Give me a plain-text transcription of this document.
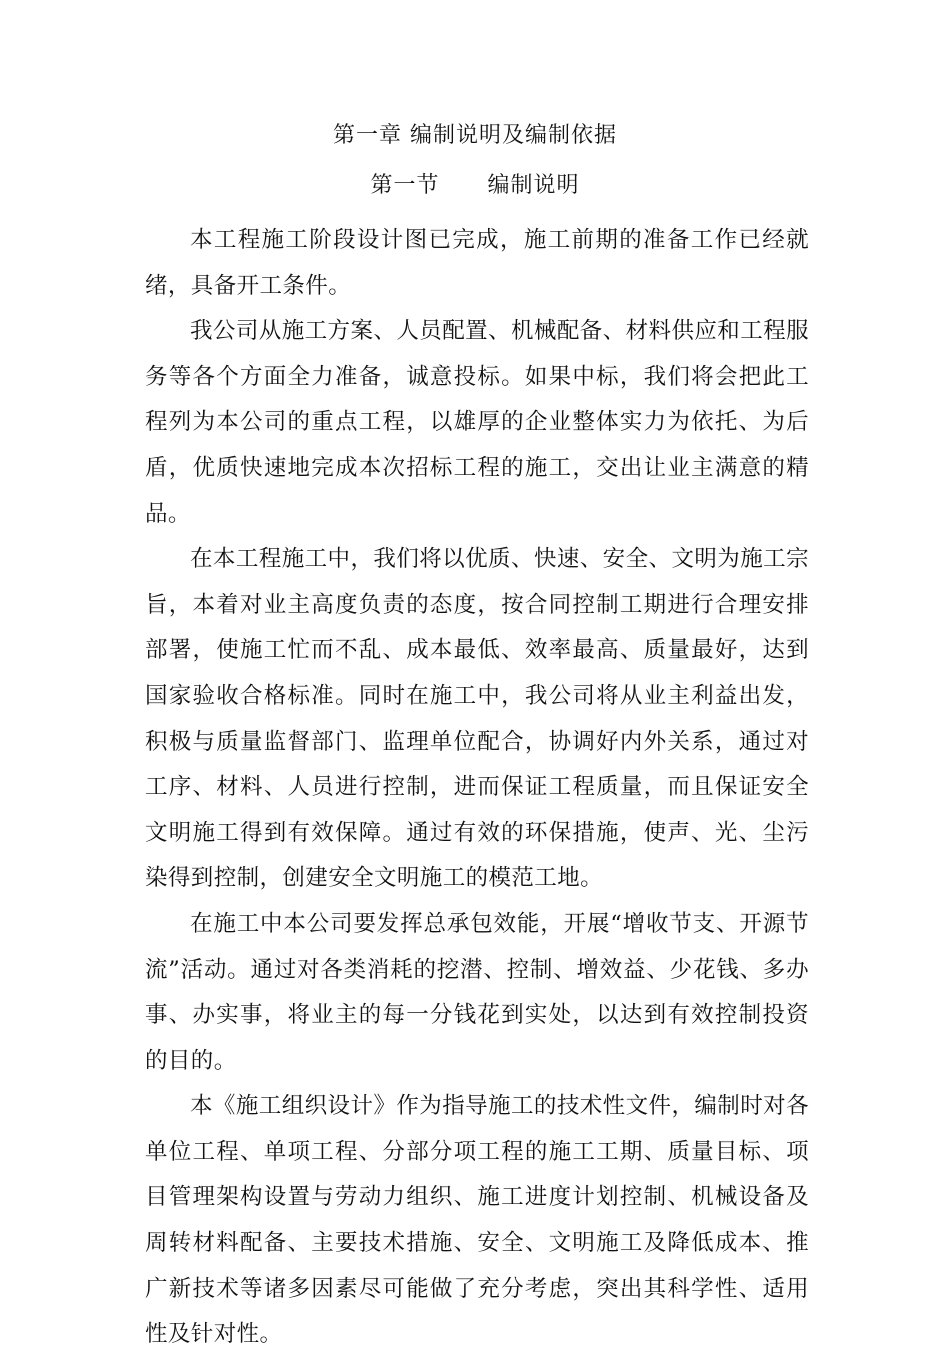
第一章 编制说明及编制依据
第一节      编制说明

本工程施工阶段设计图已完成，施工前期的准备工作已经就绪，具备开工条件。

我公司从施工方案、人员配置、机械配备、材料供应和工程服务等各个方面全力准备，诚意投标。如果中标，我们将会把此工程列为本公司的重点工程，以雄厚的企业整体实力为依托、为后盾，优质快速地完成本次招标工程的施工，交出让业主满意的精品。

在本工程施工中，我们将以优质、快速、安全、文明为施工宗旨，本着对业主高度负责的态度，按合同控制工期进行合理安排部署，使施工忙而不乱、成本最低、效率最高、质量最好，达到国家验收合格标准。同时在施工中，我公司将从业主利益出发，积极与质量监督部门、监理单位配合，协调好内外关系，通过对工序、材料、人员进行控制，进而保证工程质量，而且保证安全文明施工得到有效保障。通过有效的环保措施，使声、光、尘污染得到控制，创建安全文明施工的模范工地。

在施工中本公司要发挥总承包效能，开展“增收节支、开源节流”活动。通过对各类消耗的挖潜、控制、增效益、少花钱、多办事、办实事，将业主的每一分钱花到实处，以达到有效控制投资的目的。

本《施工组织设计》作为指导施工的技术性文件，编制时对各单位工程、单项工程、分部分项工程的施工工期、质量目标、项目管理架构设置与劳动力组织、施工进度计划控制、机械设备及周转材料配备、主要技术措施、安全、文明施工及降低成本、推广新技术等诸多因素尽可能做了充分考虑，突出其科学性、适用性及针对性。
